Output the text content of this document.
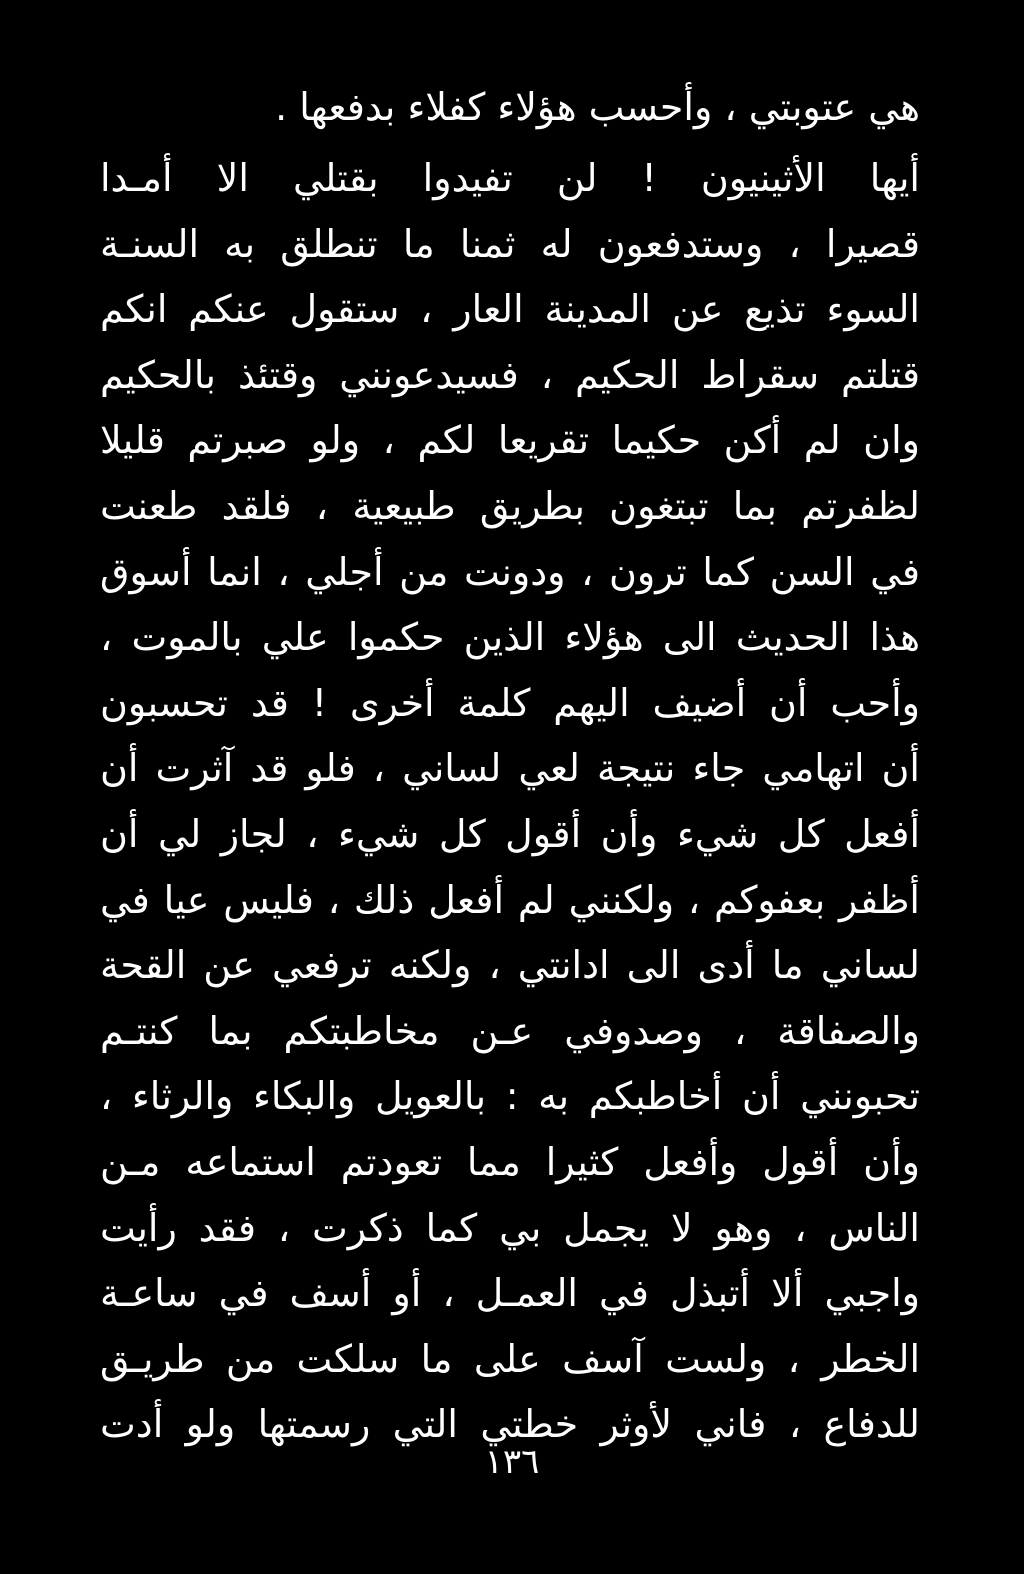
هي عتوبتي ، وأحسب هؤلاء كفلاء بدفعها .
أيها الأثينيون ! لن تفيدوا بقتلي الا أمـدا
قصيرا ، وستدفعون له ثمنا ما تنطلق به السنـة
السوء تذيع عن المدينة العار ، ستقول عنكم انكم
قتلتم سقراط الحكيم ، فسيدعونني وقتئذ بالحكيم
وان لم أكن حكيما تقريعا لكم ، ولو صبرتم قليلا
لظفرتم بما تبتغون بطريق طبيعية ، فلقد طعنت
في السن كما ترون ، ودونت من أجلي ، انما أسوق
هذا الحديث الى هؤلاء الذين حكموا علي بالموت ،
وأحب أن أضيف اليهم كلمة أخرى ! قد تحسبون
أن اتهامي جاء نتيجة لعي لساني ، فلو قد آثرت أن
أفعل كل شيء وأن أقول كل شيء ، لجاز لي أن
أظفر بعفوكم ، ولكنني لم أفعل ذلك ، فليس عيا في
لساني ما أدى الى ادانتي ، ولكنه ترفعي عن القحة
والصفاقة ، وصدوفي عـن مخاطبتكم بما كنتـم
تحبونني أن أخاطبكم به : بالعويل والبكاء والرثاء ،
وأن أقول وأفعل كثيرا مما تعودتم استماعه مـن
الناس ، وهو لا يجمل بي كما ذكرت ، فقد رأيت
واجبي ألا أتبذل في العمـل ، أو أسف في ساعـة
الخطر ، ولست آسف على ما سلكت من طريـق
للدفاع ، فاني لأوثر خطتي التي رسمتها ولو أدت
١٣٦
